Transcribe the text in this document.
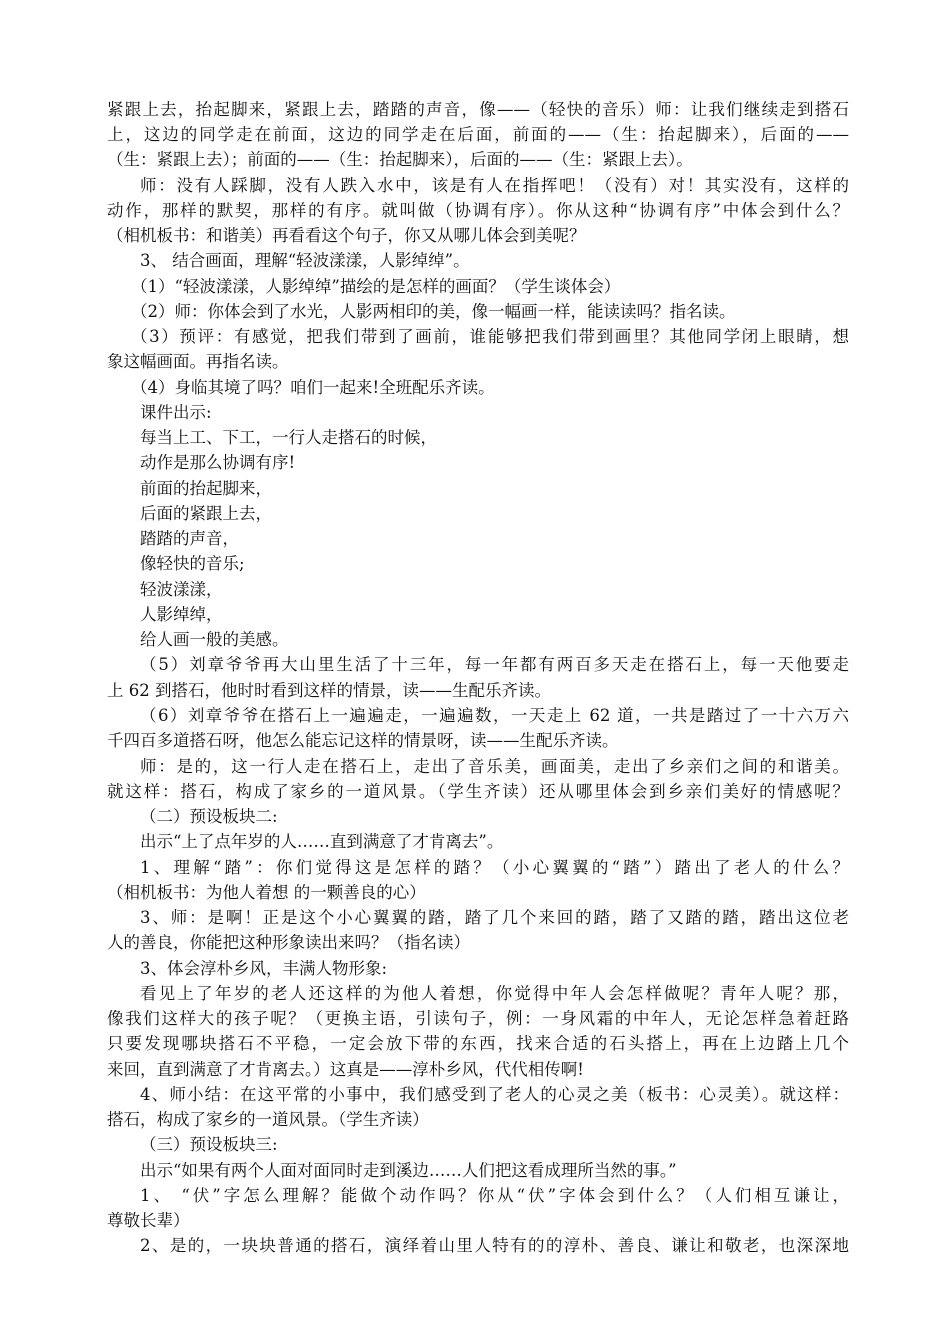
紧跟上去，抬起脚来，紧跟上去，踏踏的声音，像——（轻快的音乐）师：让我们继续走到搭石
上，这边的同学走在前面，这边的同学走在后面，前面的——（生：抬起脚来），后面的——
（生：紧跟上去）；前面的——（生：抬起脚来），后面的——（生：紧跟上去）。
师：没有人踩脚，没有人跌入水中，该是有人在指挥吧！（没有）对！其实没有，这样的
动作，那样的默契，那样的有序。就叫做（协调有序）。你从这种“协调有序”中体会到什么？
（相机板书：和谐美）再看看这个句子，你又从哪儿体会到美呢？
3、 结合画面，理解“轻波漾漾，人影绰绰”。
（1）“轻波漾漾，人影绰绰”描绘的是怎样的画面？（学生谈体会）
（2）师：你体会到了水光，人影两相印的美，像一幅画一样，能读读吗？指名读。
（3）预评：有感觉，把我们带到了画前，谁能够把我们带到画里？其他同学闭上眼睛，想
象这幅画面。再指名读。
（4）身临其境了吗？咱们一起来!全班配乐齐读。
课件出示:
每当上工、下工，一行人走搭石的时候，
动作是那么协调有序!
前面的抬起脚来，
后面的紧跟上去，
踏踏的声音，
像轻快的音乐;
轻波漾漾，
人影绰绰，
给人画一般的美感。
（5）刘章爷爷再大山里生活了十三年，每一年都有两百多天走在搭石上，每一天他要走
上 62 到搭石，他时时看到这样的情景，读——生配乐齐读。
（6）刘章爷爷在搭石上一遍遍走，一遍遍数，一天走上 62 道，一共是踏过了一十六万六
千四百多道搭石呀，他怎么能忘记这样的情景呀，读——生配乐齐读。
师：是的，这一行人走在搭石上，走出了音乐美，画面美，走出了乡亲们之间的和谐美。
就这样：搭石，构成了家乡的一道风景。（学生齐读）还从哪里体会到乡亲们美好的情感呢？
（二）预设板块二:
出示“上了点年岁的人……直到满意了才肯离去”。
1、理解“踏”：你们觉得这是怎样的踏？（小心翼翼的“踏”）踏出了老人的什么？
（相机板书：为他人着想 的一颗善良的心）
3、师：是啊！正是这个小心翼翼的踏，踏了几个来回的踏，踏了又踏的踏，踏出这位老
人的善良，你能把这种形象读出来吗？（指名读）
3、体会淳朴乡风，丰满人物形象:
看见上了年岁的老人还这样的为他人着想，你觉得中年人会怎样做呢？青年人呢？那，
像我们这样大的孩子呢？（更换主语，引读句子，例：一身风霜的中年人，无论怎样急着赶路
只要发现哪块搭石不平稳，一定会放下带的东西，找来合适的石头搭上，再在上边踏上几个
来回，直到满意了才肯离去。）这真是——淳朴乡风，代代相传啊!
4、师小结：在这平常的小事中，我们感受到了老人的心灵之美（板书：心灵美）。就这样：
搭石，构成了家乡的一道风景。（学生齐读）
（三）预设板块三:
出示“如果有两个人面对面同时走到溪边……人们把这看成理所当然的事。”
1、 “伏”字怎么理解？能做个动作吗？你从“伏”字体会到什么？（人们相互谦让，
尊敬长辈）
2、是的，一块块普通的搭石，演绎着山里人特有的的淳朴、善良、谦让和敬老，也深深地
